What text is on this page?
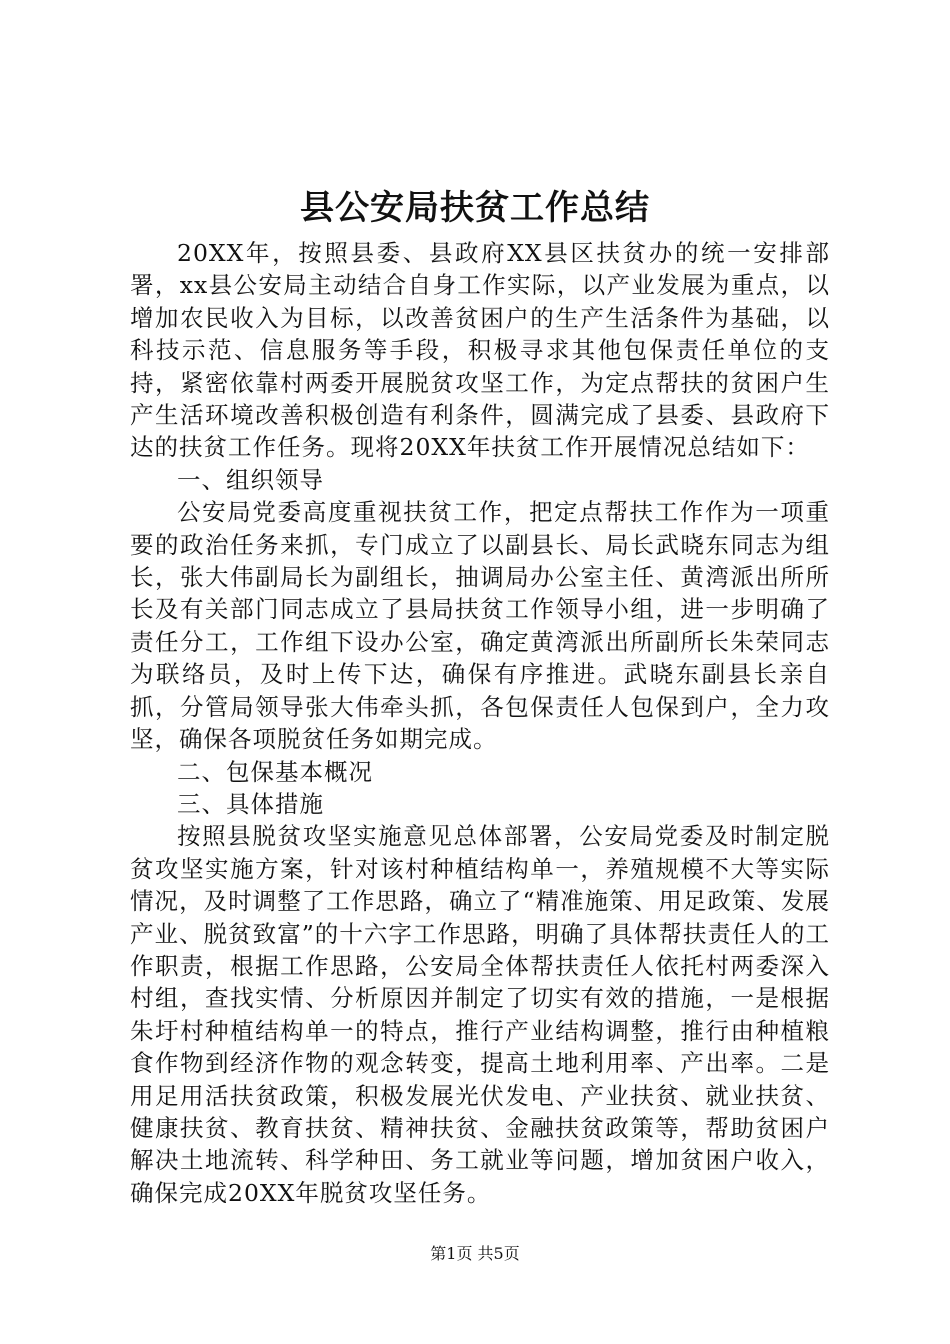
县公安局扶贫工作总结

20XX年，按照县委、县政府XX县区扶贫办的统一安排部署，xx县公安局主动结合自身工作实际，以产业发展为重点，以增加农民收入为目标，以改善贫困户的生产生活条件为基础，以科技示范、信息服务等手段，积极寻求其他包保责任单位的支持，紧密依靠村两委开展脱贫攻坚工作，为定点帮扶的贫困户生产生活环境改善积极创造有利条件，圆满完成了县委、县政府下达的扶贫工作任务。现将20XX年扶贫工作开展情况总结如下：

一、组织领导

公安局党委高度重视扶贫工作，把定点帮扶工作作为一项重要的政治任务来抓，专门成立了以副县长、局长武晓东同志为组长，张大伟副局长为副组长，抽调局办公室主任、黄湾派出所所长及有关部门同志成立了县局扶贫工作领导小组，进一步明确了责任分工，工作组下设办公室，确定黄湾派出所副所长朱荣同志为联络员，及时上传下达，确保有序推进。武晓东副县长亲自抓，分管局领导张大伟牵头抓，各包保责任人包保到户，全力攻坚，确保各项脱贫任务如期完成。

二、包保基本概况

三、具体措施

按照县脱贫攻坚实施意见总体部署，公安局党委及时制定脱贫攻坚实施方案，针对该村种植结构单一，养殖规模不大等实际情况，及时调整了工作思路，确立了“精准施策、用足政策、发展产业、脱贫致富”的十六字工作思路，明确了具体帮扶责任人的工作职责，根据工作思路，公安局全体帮扶责任人依托村两委深入村组，查找实情、分析原因并制定了切实有效的措施，一是根据朱圩村种植结构单一的特点，推行产业结构调整，推行由种植粮食作物到经济作物的观念转变，提高土地利用率、产出率。二是用足用活扶贫政策，积极发展光伏发电、产业扶贫、就业扶贫、健康扶贫、教育扶贫、精神扶贫、金融扶贫政策等，帮助贫困户解决土地流转、科学种田、务工就业等问题，增加贫困户收入，确保完成20XX年脱贫攻坚任务。

第1页 共5页
